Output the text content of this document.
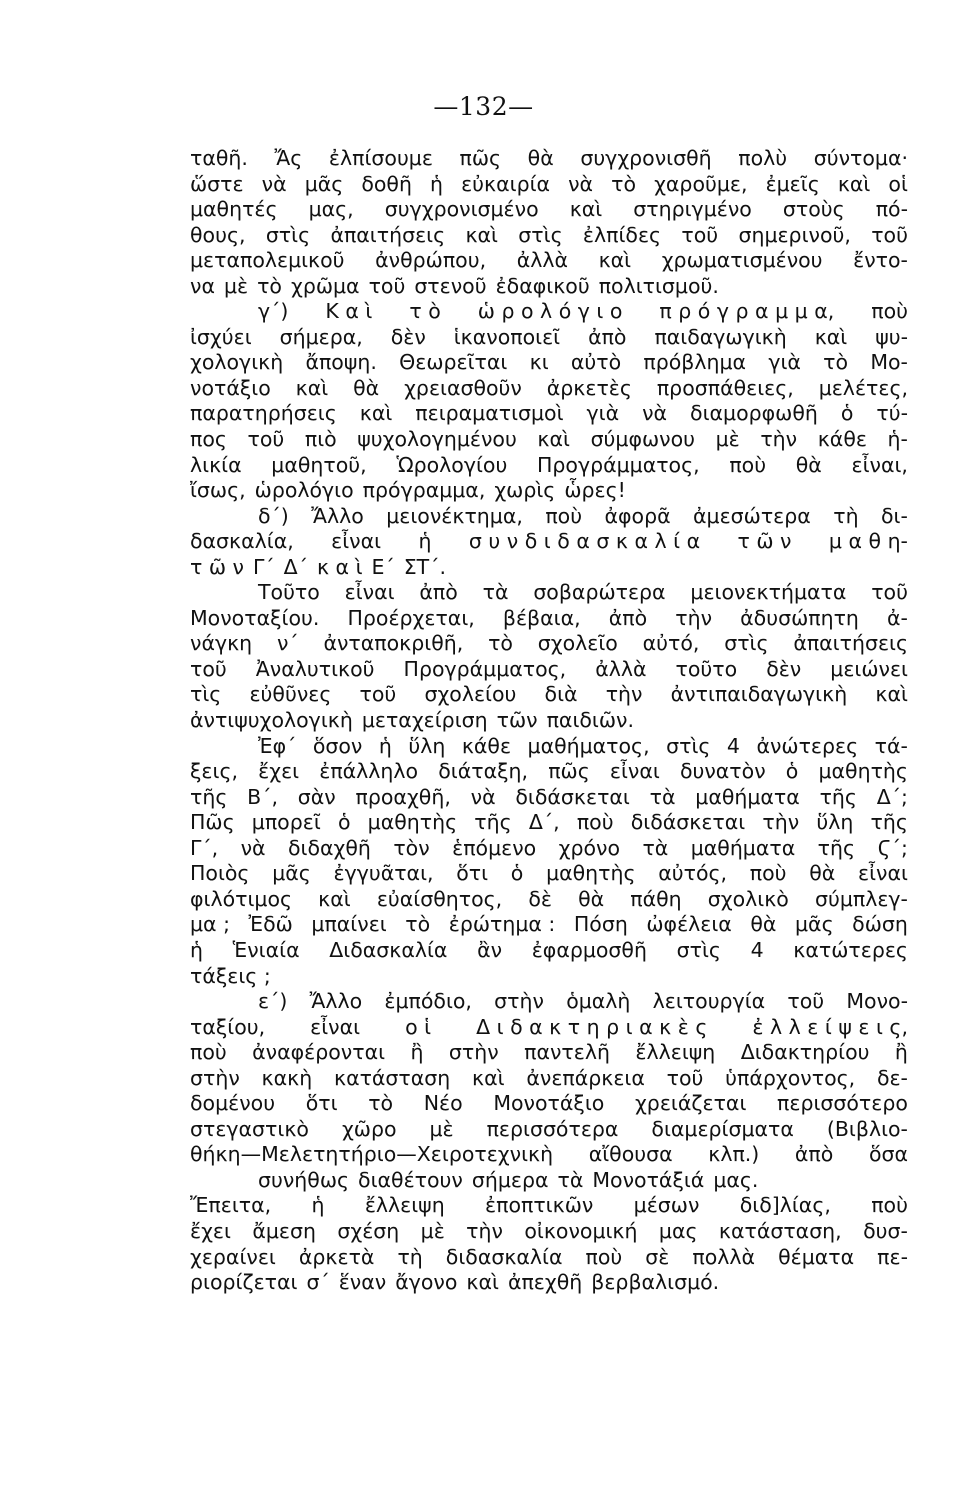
—132—
ταθῆ. Ἄς ἐλπίσουμε πῶς θὰ συγχρονισθῆ πολὺ σύντομα·
ὥστε νὰ μᾶς δοθῆ ἡ εὐκαιρία νὰ τὸ χαροῦμε, ἐμεῖς καὶ οἱ
μαθητές μας, συγχρονισμένο καὶ στηριγμένο στοὺς πό-
θους, στὶς ἀπαιτήσεις καὶ στὶς ἐλπίδες τοῦ σημερινοῦ, τοῦ
μεταπολεμικοῦ ἀνθρώπου, ἀλλὰ καὶ χρωματισμένου ἔντο-
να μὲ τὸ χρῶμα τοῦ στενοῦ ἐδαφικοῦ πολιτισμοῦ.
γ΄) Κ α ὶ τ ὸ ὡ ρ ο λ ό γ ι ο π ρ ό γ ρ α μ μ α, ποὺ
ἰσχύει σήμερα, δὲν ἱκανοποιεῖ ἀπὸ παιδαγωγικὴ καὶ ψυ-
χολογικὴ ἄποψη. Θεωρεῖται κι αὐτὸ πρόβλημα γιὰ τὸ Μο-
νοτάξιο καὶ θὰ χρειασθοῦν ἀρκετὲς προσπάθειες, μελέτες,
παρατηρήσεις καὶ πειραματισμοὶ γιὰ νὰ διαμορφωθῆ ὁ τύ-
πος τοῦ πιὸ ψυχολογημένου καὶ σύμφωνου μὲ τὴν κάθε ἡ-
λικία μαθητοῦ, Ὡρολογίου Προγράμματος, ποὺ θὰ εἶναι,
ἴσως, ὡρολόγιο πρόγραμμα, χωρὶς ὧρες!
δ΄) Ἄλλο μειονέκτημα, ποὺ ἀφορᾶ ἀμεσώτερα τὴ δι-
δασκαλία, εἶναι ἡ σ υ ν δ ι δ α σ κ α λ ί α τ ῶ ν μ α θ η-
τ ῶ ν Γ΄ Δ΄ κ α ὶ Ε΄ ΣΤ΄.
Τοῦτο εἶναι ἀπὸ τὰ σοβαρώτερα μειονεκτήματα τοῦ
Μονοταξίου. Προέρχεται, βέβαια, ἀπὸ τὴν ἀδυσώπητη ἀ-
νάγκη ν΄ ἀνταποκριθῆ, τὸ σχολεῖο αὐτό, στὶς ἀπαιτήσεις
τοῦ Ἀναλυτικοῦ Προγράμματος, ἀλλὰ τοῦτο δὲν μειώνει
τὶς εὐθῦνες τοῦ σχολείου διὰ τὴν ἀντιπαιδαγωγικὴ καὶ
ἀντιψυχολογικὴ μεταχείριση τῶν παιδιῶν.
Ἐφ΄ ὅσον ἡ ὕλη κάθε μαθήματος, στὶς 4 ἀνώτερες τά-
ξεις, ἔχει ἐπάλληλο διάταξη, πῶς εἶναι δυνατὸν ὁ μαθητὴς
τῆς Β΄, σὰν προαχθῆ, νὰ διδάσκεται τὰ μαθήματα τῆς Δ΄;
Πῶς μπορεῖ ὁ μαθητὴς τῆς Δ΄, ποὺ διδάσκεται τὴν ὕλη τῆς
Γ΄, νὰ διδαχθῆ τὸν ἑπόμενο χρόνο τὰ μαθήματα τῆς Ϛ΄;
Ποιὸς μᾶς ἐγγυᾶται, ὅτι ὁ μαθητὴς αὐτός, ποὺ θὰ εἶναι
φιλότιμος καὶ εὐαίσθητος, δὲ θὰ πάθη σχολικὸ σύμπλεγ-
μα ; Ἐδῶ μπαίνει τὸ ἐρώτημα : Πόση ὠφέλεια θὰ μᾶς δώση
ἡ Ἑνιαία Διδασκαλία ἂν ἐφαρμοσθῆ στὶς 4 κατώτερες
τάξεις ;
ε΄) Ἄλλο ἐμπόδιο, στὴν ὁμαλὴ λειτουργία τοῦ Μονο-
ταξίου, εἶναι ο ἱ Δ ι δ α κ τ η ρ ι α κ ὲ ς ἐ λ λ ε ί ψ ε ι ς,
ποὺ ἀναφέρονται ἢ στὴν παντελῆ ἔλλειψη Διδακτηρίου ἢ
στὴν κακὴ κατάσταση καὶ ἀνεπάρκεια τοῦ ὑπάρχοντος, δε-
δομένου ὅτι τὸ Νέο Μονοτάξιο χρειάζεται περισσότερο
στεγαστικὸ χῶρο μὲ περισσότερα διαμερίσματα (Βιβλιο-
θήκη—Μελετητήριο—Χειροτεχνικὴ αἴθουσα κλπ.) ἀπὸ ὅσα
συνήθως διαθέτουν σήμερα τὰ Μονοτάξιά μας.
Ἔπειτα, ἡ ἔλλειψη ἐποπτικῶν μέσων διδ]λίας, ποὺ
ἔχει ἄμεση σχέση μὲ τὴν οἰκονομική μας κατάσταση, δυσ-
χεραίνει ἀρκετὰ τὴ διδασκαλία ποὺ σὲ πολλὰ θέματα πε-
ριορίζεται σ΄ ἕναν ἄγονο καὶ ἀπεχθῆ βερβαλισμό.
